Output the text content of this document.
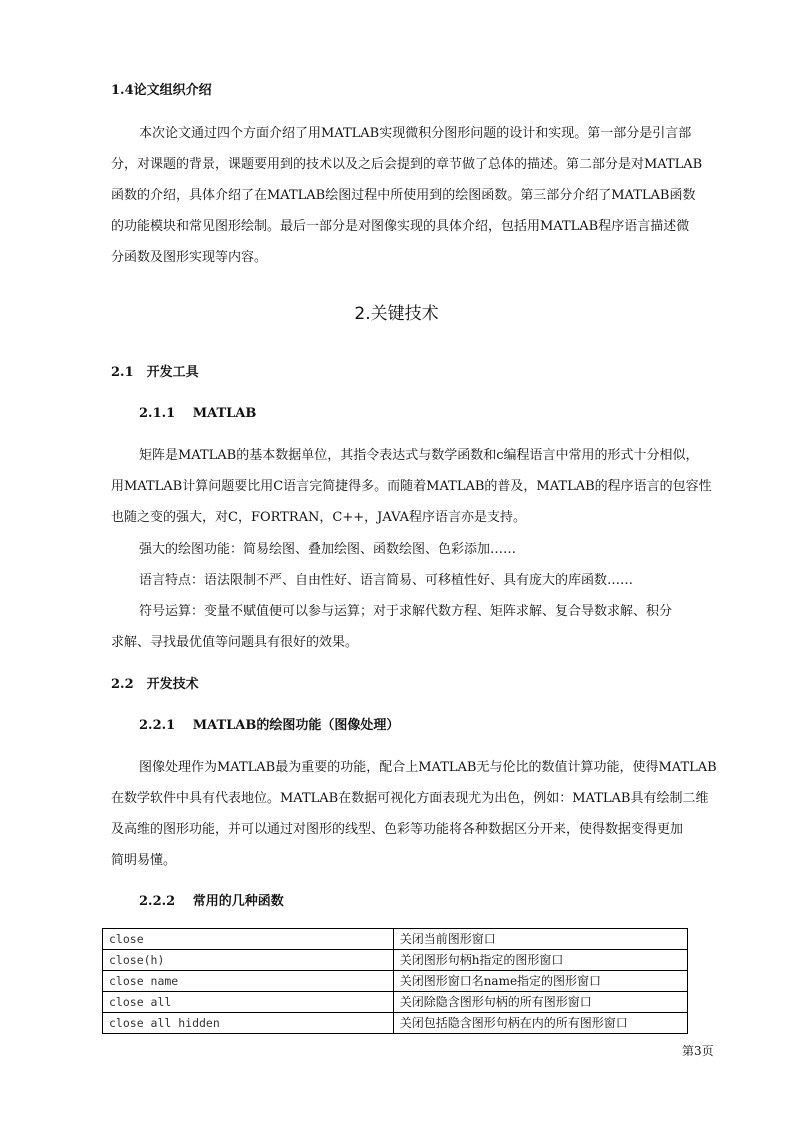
1.4论文组织介绍
本次论文通过四个方面介绍了用MATLAB实现微积分图形问题的设计和实现。第一部分是引言部
分，对课题的背景，课题要用到的技术以及之后会提到的章节做了总体的描述。第二部分是对MATLAB
函数的介绍，具体介绍了在MATLAB绘图过程中所使用到的绘图函数。第三部分介绍了MATLAB函数
的功能模块和常见图形绘制。最后一部分是对图像实现的具体介绍，包括用MATLAB程序语言描述微
分函数及图形实现等内容。
2.关键技术
2.1　开发工具
2.1.1　 MATLAB
矩阵是MATLAB的基本数据单位，其指令表达式与数学函数和c编程语言中常用的形式十分相似，
用MATLAB计算问题要比用C语言完简捷得多。而随着MATLAB的普及，MATLAB的程序语言的包容性
也随之变的强大，对C，FORTRAN，C++，JAVA程序语言亦是支持。
强大的绘图功能：简易绘图、叠加绘图、函数绘图、色彩添加……
语言特点：语法限制不严、自由性好、语言简易、可移植性好、具有庞大的库函数……
符号运算：变量不赋值便可以参与运算；对于求解代数方程、矩阵求解、复合导数求解、积分
求解、寻找最优值等问题具有很好的效果。
2.2　开发技术
2.2.1　 MATLAB的绘图功能（图像处理）
图像处理作为MATLAB最为重要的功能，配合上MATLAB无与伦比的数值计算功能，使得MATLAB
在数学软件中具有代表地位。MATLAB在数据可视化方面表现尤为出色，例如：MATLAB具有绘制二维
及高维的图形功能，并可以通过对图形的线型、色彩等功能将各种数据区分开来，使得数据变得更加
简明易懂。
2.2.2　 常用的几种函数
close	关闭当前图形窗口
close(h)	关闭图形句柄h指定的图形窗口
close name	关闭图形窗口名name指定的图形窗口
close all	关闭除隐含图形句柄的所有图形窗口
close all hidden	关闭包括隐含图形句柄在内的所有图形窗口
第3页
